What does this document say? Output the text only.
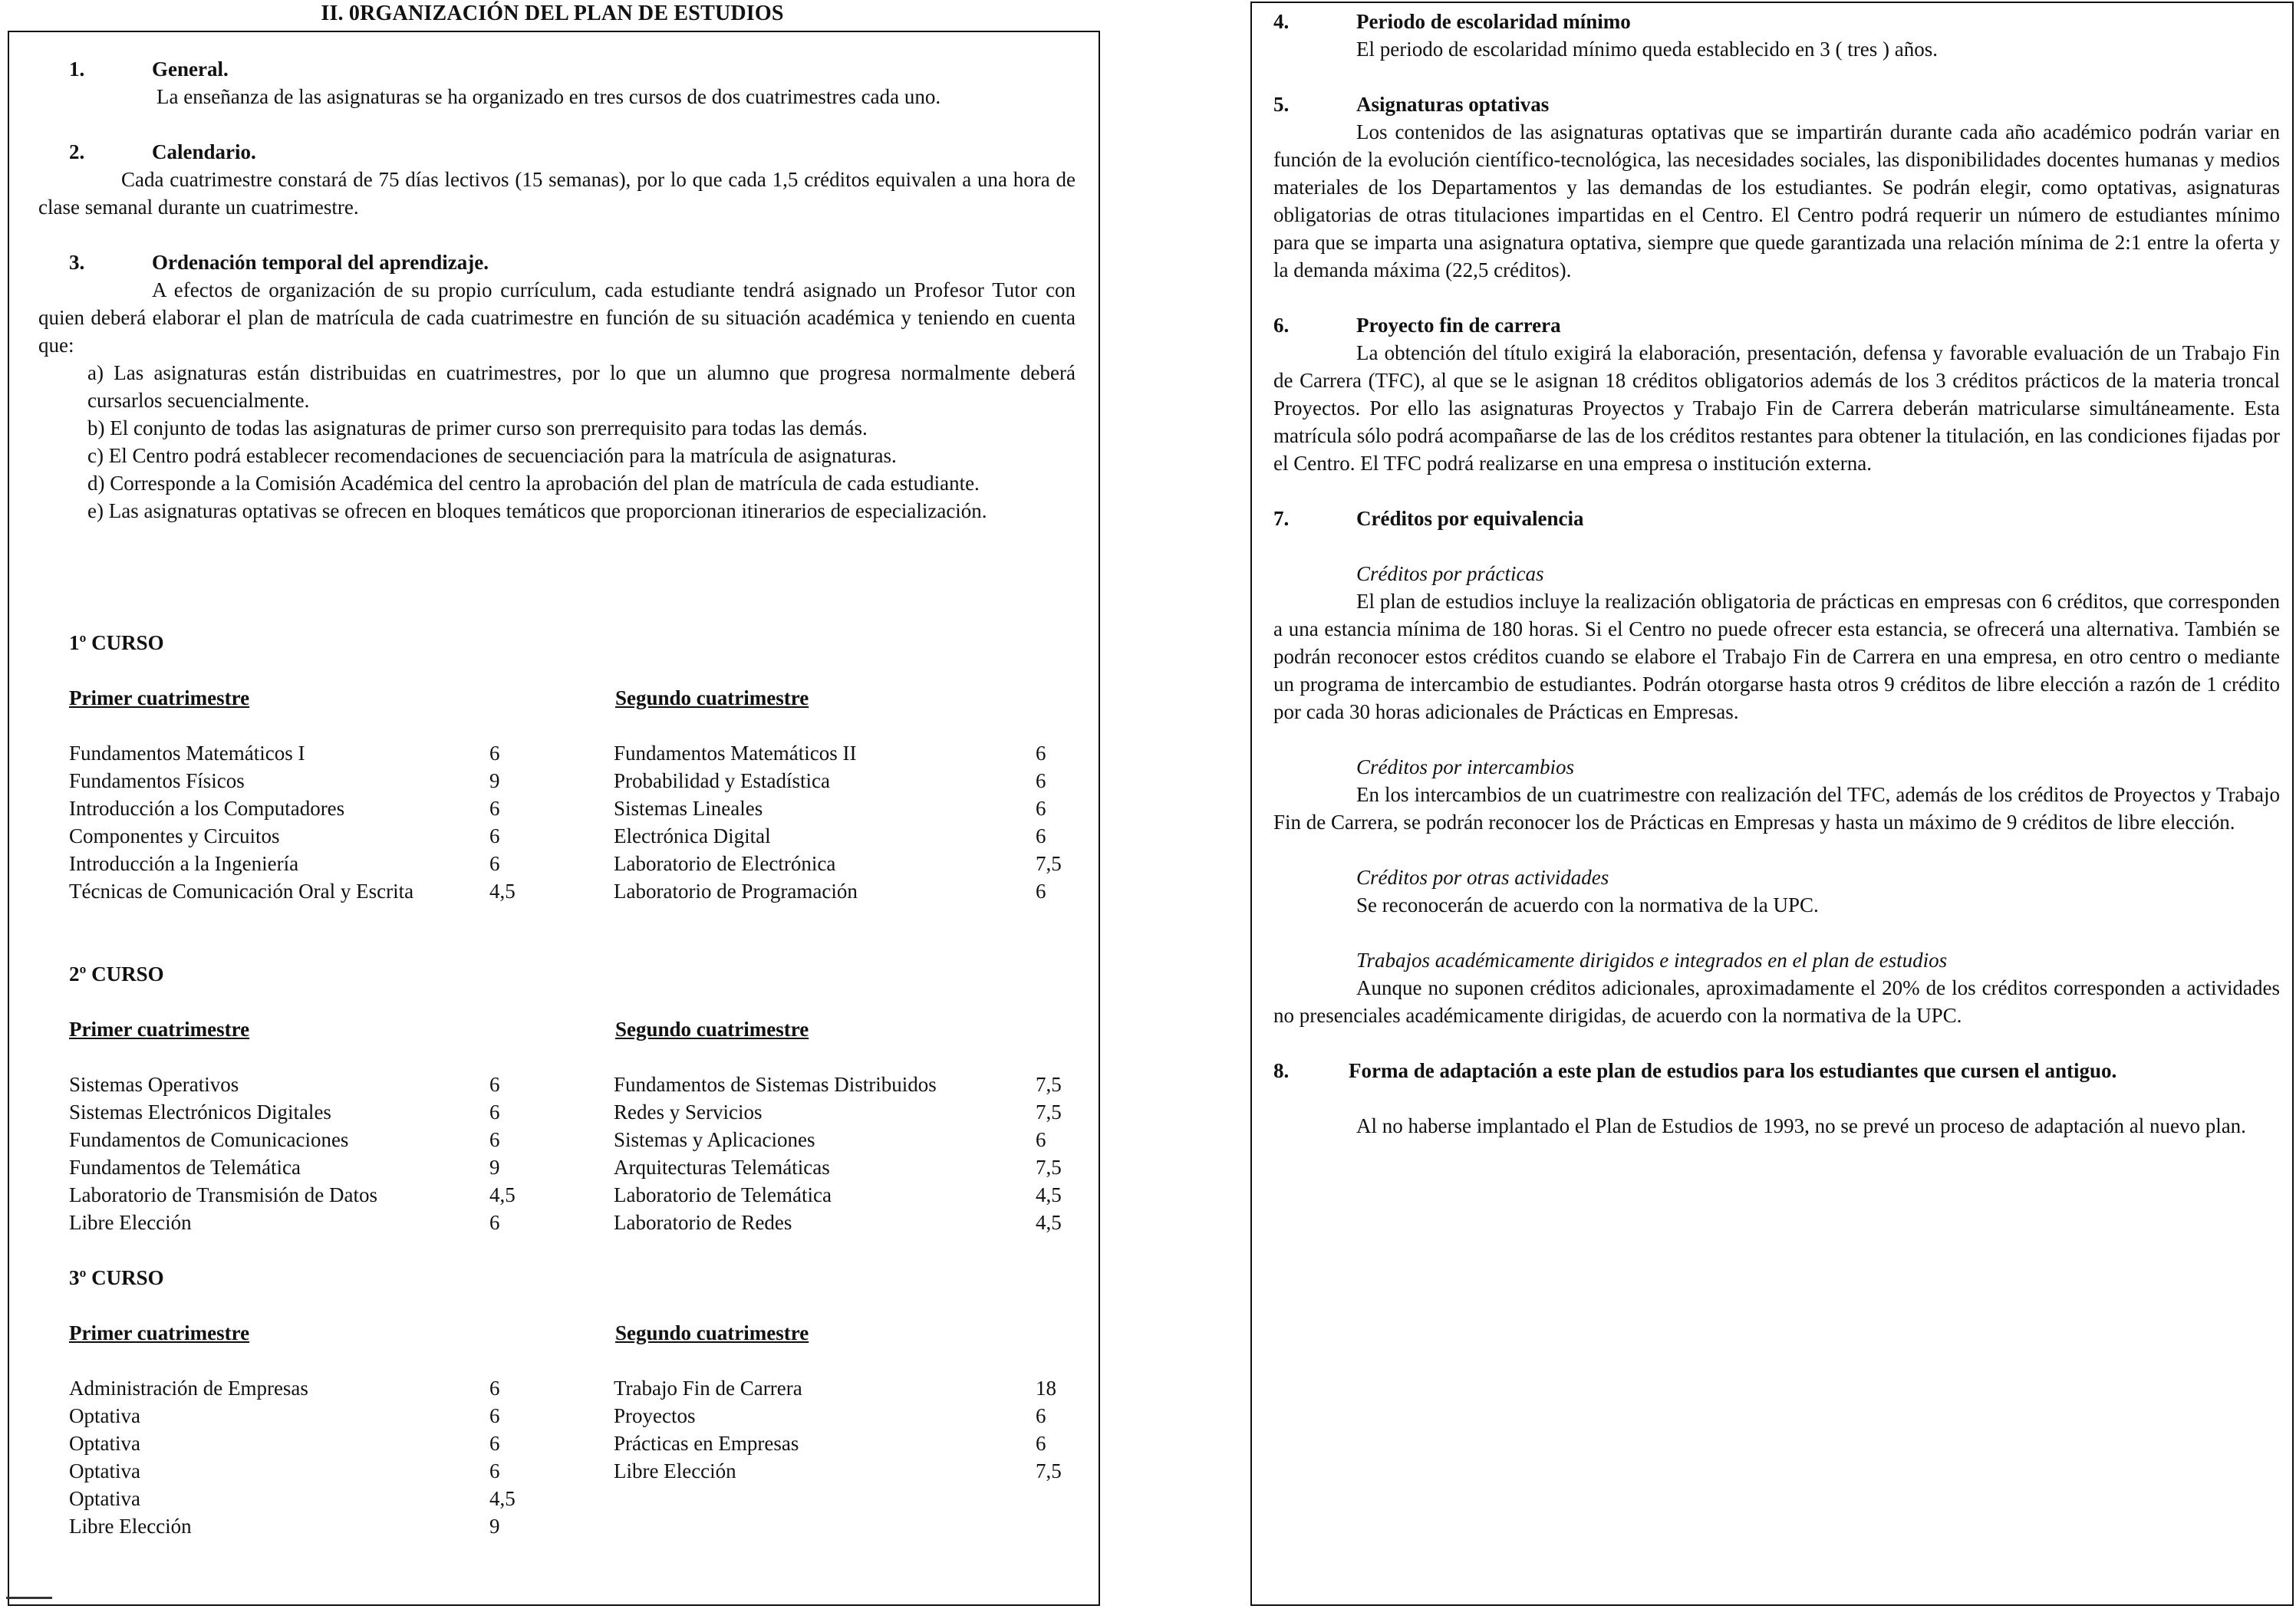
II. 0RGANIZACIÓN DEL PLAN DE ESTUDIOS
1.	General.

La enseñanza de las asignaturas se ha organizado en tres cursos de dos cuatrimestres cada uno.

2.	Calendario.

Cada cuatrimestre constará de 75 días lectivos (15 semanas), por lo que cada 1,5 créditos equivalen a una hora de clase semanal durante un cuatrimestre.

3.	Ordenación temporal del aprendizaje.

A efectos de organización de su propio currículum, cada estudiante tendrá asignado un Profesor Tutor con quien deberá elaborar el plan de matrícula de cada cuatrimestre en función de su situación académica y teniendo en cuenta que:

a) Las asignaturas están distribuidas en cuatrimestres, por lo que un alumno que progresa normalmente deberá cursarlos secuencialmente.

b) El conjunto de todas las asignaturas de primer curso son prerrequisito para todas las demás.

c) El Centro podrá establecer recomendaciones de secuenciación para la matrícula de asignaturas.

d) Corresponde a la Comisión Académica del centro la aprobación del plan de matrícula de cada estudiante.

e) Las asignaturas optativas se ofrecen en bloques temáticos que proporcionan itinerarios de especialización.

1º CURSO

Primer cuatrimestre	Segundo cuatrimestre
Fundamentos Matemáticos I	6	Fundamentos Matemáticos II	6
Fundamentos Físicos	9	Probabilidad y Estadística	6
Introducción a los Computadores	6	Sistemas Lineales	6
Componentes y Circuitos	6	Electrónica Digital	6
Introducción a la Ingeniería	6	Laboratorio de Electrónica	7,5
Técnicas de Comunicación Oral y Escrita	4,5	Laboratorio de Programación	6

2º CURSO

Primer cuatrimestre	Segundo cuatrimestre
Sistemas Operativos	6	Fundamentos de Sistemas Distribuidos	7,5
Sistemas Electrónicos Digitales	6	Redes y Servicios	7,5
Fundamentos de Comunicaciones	6	Sistemas y Aplicaciones	6
Fundamentos de Telemática	9	Arquitecturas Telemáticas	7,5
Laboratorio de Transmisión de Datos	4,5	Laboratorio de Telemática	4,5
Libre Elección	6	Laboratorio de Redes	4,5

3º CURSO

Primer cuatrimestre	Segundo cuatrimestre
Administración de Empresas	6	Trabajo Fin de Carrera	18
Optativa	6	Proyectos	6
Optativa	6	Prácticas en Empresas	6
Optativa	6	Libre Elección	7,5
Optativa	4,5
Libre Elección	9
4.	Periodo de escolaridad mínimo

El periodo de escolaridad mínimo queda establecido en 3 ( tres ) años.

5.	Asignaturas optativas

Los contenidos de las asignaturas optativas que se impartirán durante cada año académico podrán variar en función de la evolución científico-tecnológica, las necesidades sociales, las disponibilidades docentes humanas y medios materiales de los Departamentos y las demandas de los estudiantes. Se podrán elegir, como optativas, asignaturas obligatorias de otras titulaciones impartidas en el Centro. El Centro podrá requerir un número de estudiantes mínimo para que se imparta una asignatura optativa, siempre que quede garantizada una relación mínima de 2:1 entre la oferta y la demanda máxima (22,5 créditos).

6.	Proyecto fin de carrera

La obtención del título exigirá la elaboración, presentación, defensa y favorable evaluación de un Trabajo Fin de Carrera (TFC), al que se le asignan 18 créditos obligatorios además de los 3 créditos prácticos de la materia troncal Proyectos. Por ello las asignaturas Proyectos y Trabajo Fin de Carrera deberán matricularse simultáneamente. Esta matrícula sólo podrá acompañarse de las de los créditos restantes para obtener la titulación, en las condiciones fijadas por el Centro. El TFC podrá realizarse en una empresa o institución externa.

7.	Créditos por equivalencia
Créditos por prácticas

El plan de estudios incluye la realización obligatoria de prácticas en empresas con 6 créditos, que corresponden a una estancia mínima de 180 horas. Si el Centro no puede ofrecer esta estancia, se ofrecerá una alternativa. También se podrán reconocer estos créditos cuando se elabore el Trabajo Fin de Carrera en una empresa, en otro centro o mediante un programa de intercambio de estudiantes. Podrán otorgarse hasta otros 9 créditos de libre elección a razón de 1 crédito por cada 30 horas adicionales de Prácticas en Empresas.

Créditos por intercambios

En los intercambios de un cuatrimestre con realización del TFC, además de los créditos de Proyectos y Trabajo Fin de Carrera, se podrán reconocer los de Prácticas en Empresas y hasta un máximo de 9 créditos de libre elección.

Créditos por otras actividades

Se reconocerán de acuerdo con la normativa de la UPC.

Trabajos académicamente dirigidos e integrados en el plan de estudios

Aunque no suponen créditos adicionales, aproximadamente el 20% de los créditos corresponden a actividades no presenciales académicamente dirigidas, de acuerdo con la normativa de la UPC.

8.	Forma de adaptación a este plan de estudios para los estudiantes que cursen el antiguo.

Al no haberse implantado el Plan de Estudios de 1993, no se prevé un proceso de adaptación al nuevo plan.
